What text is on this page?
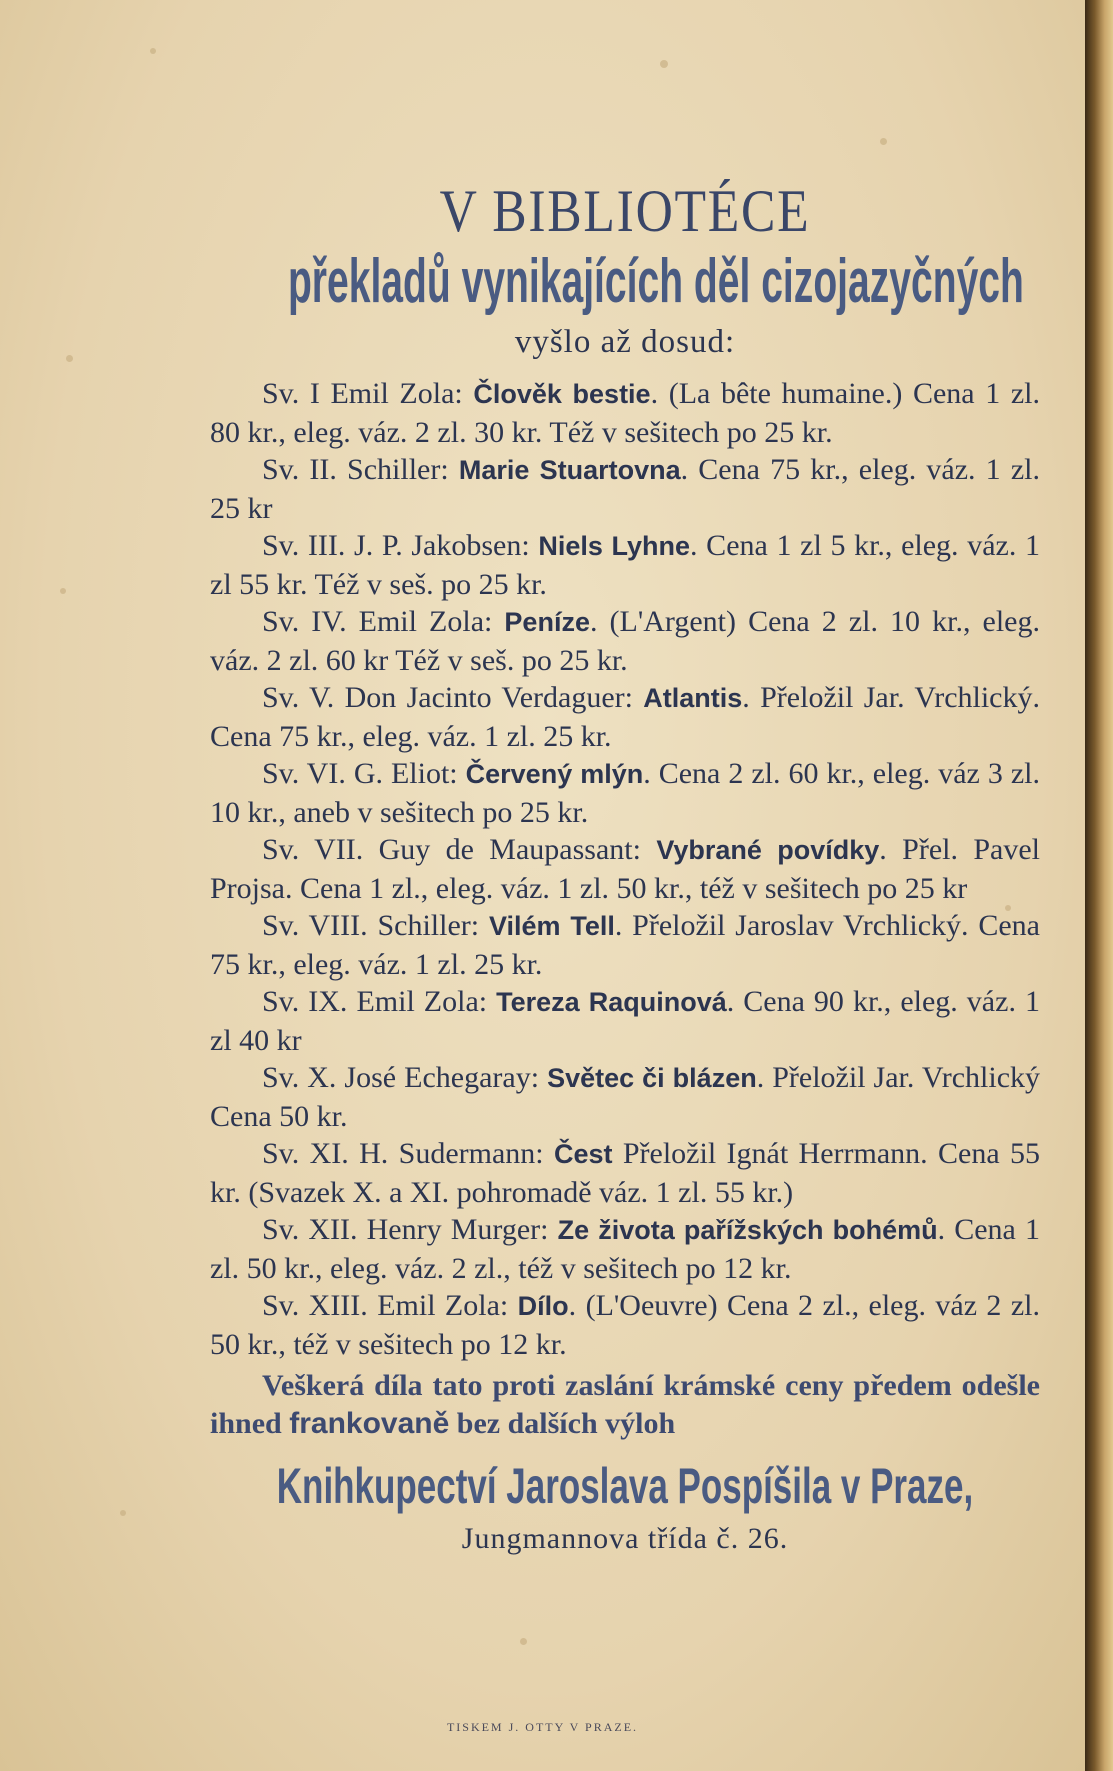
V BIBLIOTÉCE
překladů vynikajících děl cizojazyčných
vyšlo až dosud:

Sv. I Emil Zola: Člověk bestie. (La bête humaine.) Cena 1 zl. 80 kr., eleg. váz. 2 zl. 30 kr. Též v sešitech po 25 kr.

Sv. II. Schiller: Marie Stuartovna. Cena 75 kr., eleg. váz. 1 zl. 25 kr

Sv. III. J. P. Jakobsen: Niels Lyhne. Cena 1 zl 5 kr., eleg. váz. 1 zl 55 kr. Též v seš. po 25 kr.

Sv. IV. Emil Zola: Peníze. (L'Argent) Cena 2 zl. 10 kr., eleg. váz. 2 zl. 60 kr Též v seš. po 25 kr.

Sv. V. Don Jacinto Verdaguer: Atlantis. Přeložil Jar. Vrchlický. Cena 75 kr., eleg. váz. 1 zl. 25 kr.

Sv. VI. G. Eliot: Červený mlýn. Cena 2 zl. 60 kr., eleg. váz 3 zl. 10 kr., aneb v sešitech po 25 kr.

Sv. VII. Guy de Maupassant: Vybrané povídky. Přel. Pavel Projsa. Cena 1 zl., eleg. váz. 1 zl. 50 kr., též v sešitech po 25 kr

Sv. VIII. Schiller: Vilém Tell. Přeložil Jaroslav Vrchlický. Cena 75 kr., eleg. váz. 1 zl. 25 kr.

Sv. IX. Emil Zola: Tereza Raquinová. Cena 90 kr., eleg. váz. 1 zl 40 kr

Sv. X. José Echegaray: Světec či blázen. Přeložil Jar. Vrchlický Cena 50 kr.

Sv. XI. H. Sudermann: Čest Přeložil Ignát Herrmann. Cena 55 kr. (Svazek X. a XI. pohromadě váz. 1 zl. 55 kr.)

Sv. XII. Henry Murger: Ze života pařížských bohémů. Cena 1 zl. 50 kr., eleg. váz. 2 zl., též v sešitech po 12 kr.

Sv. XIII. Emil Zola: Dílo. (L'Oeuvre) Cena 2 zl., eleg. váz 2 zl. 50 kr., též v sešitech po 12 kr.

Veškerá díla tato proti zaslání krámské ceny předem odešle ihned frankovaně bez dalších výloh

Knihkupectví Jaroslava Pospíšila v Praze,
Jungmannova třída č. 26.
TISKEM J. OTTY V PRAZE.
